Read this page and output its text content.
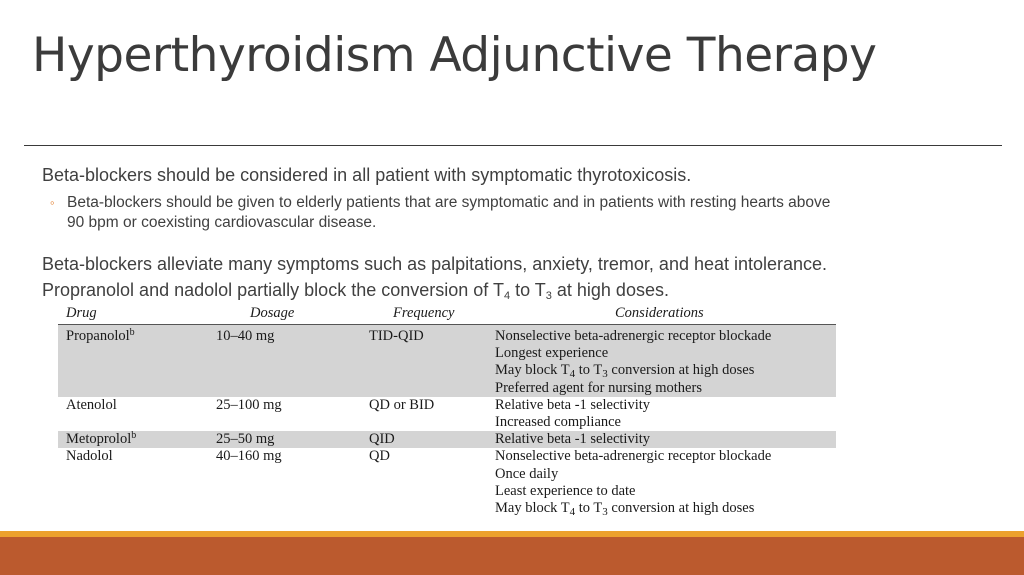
Hyperthyroidism Adjunctive Therapy

Beta-blockers should be considered in all patient with symptomatic thyrotoxicosis.

◦ Beta-blockers should be given to elderly patients that are symptomatic and in patients with resting hearts above 90 bpm or coexisting cardiovascular disease.

Beta-blockers alleviate many symptoms such as palpitations, anxiety, tremor, and heat intolerance. Propranolol and nadolol partially block the conversion of $T_4$ to $T_3$ at high doses.

Drug	Dosage	Frequency	Considerations
Propanolol$^b$	10–40 mg	TID-QID	Nonselective beta-adrenergic receptor blockade
Longest experience
May block $T_4$ to $T_3$ conversion at high doses
Preferred agent for nursing mothers
Atenolol	25–100 mg	QD or BID	Relative beta -1 selectivity
Increased compliance
Metoprolol$^b$	25–50 mg	QID	Relative beta -1 selectivity
Nadolol	40–160 mg	QD	Nonselective beta-adrenergic receptor blockade
Once daily
Least experience to date
May block $T_4$ to $T_3$ conversion at high doses
